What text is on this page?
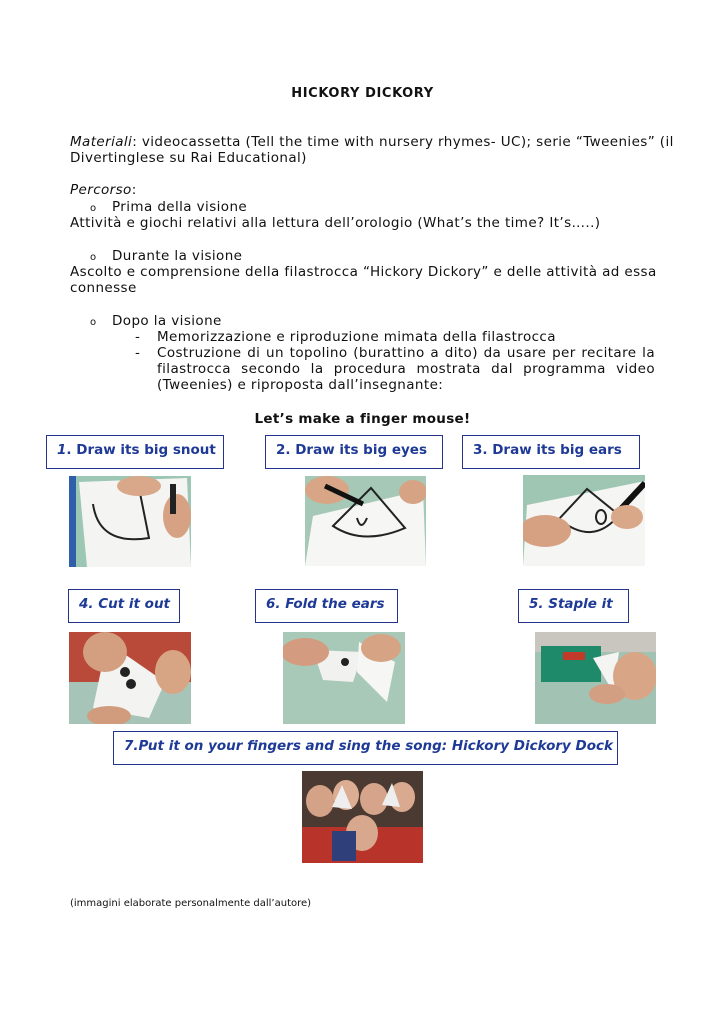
HICKORY DICKORY
Materiali: videocassetta (Tell the time with nursery rhymes- UC); serie “Tweenies” (il
Divertinglese su Rai Educational)
Percorso:
o Prima della visione
Attività e giochi relativi alla lettura dell’orologio (What’s the time? It’s…..)
o Durante la visione
Ascolto e comprensione della filastrocca “Hickory Dickory” e delle attività ad essa
connesse
o Dopo la visione
- Memorizzazione e riproduzione mimata della filastrocca
-	Costruzione di un topolino (burattino a dito) da usare per recitare la filastrocca secondo la procedura mostrata dal programma video (Tweenies) e riproposta dall’insegnante:
Let’s make a finger mouse!
1. Draw its big snout	2. Draw its big eyes	3. Draw its big ears
4. Cut it out	6. Fold the ears	5. Staple it
7.Put it on your fingers and sing the song: Hickory Dickory Dock
(immagini elaborate personalmente dall’autore)
